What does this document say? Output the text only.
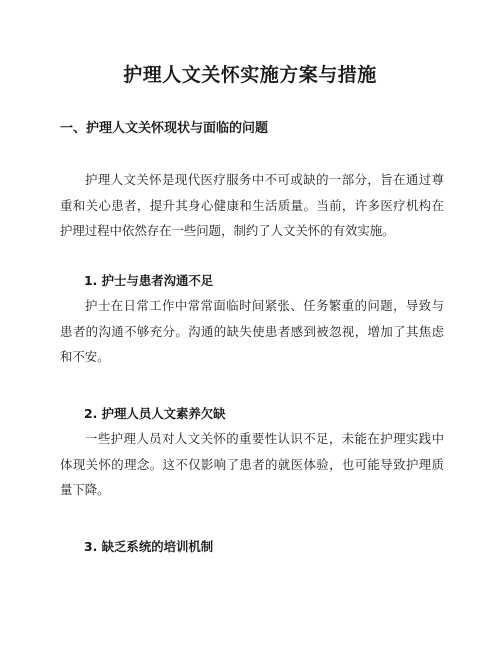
护理人文关怀实施方案与措施
一、护理人文关怀现状与面临的问题

护理人文关怀是现代医疗服务中不可或缺的一部分，旨在通过尊重和关心患者，提升其身心健康和生活质量。当前，许多医疗机构在护理过程中依然存在一些问题，制约了人文关怀的有效实施。

1. 护士与患者沟通不足

护士在日常工作中常常面临时间紧张、任务繁重的问题，导致与患者的沟通不够充分。沟通的缺失使患者感到被忽视，增加了其焦虑和不安。

2. 护理人员人文素养欠缺

一些护理人员对人文关怀的重要性认识不足，未能在护理实践中体现关怀的理念。这不仅影响了患者的就医体验，也可能导致护理质量下降。

3. 缺乏系统的培训机制
